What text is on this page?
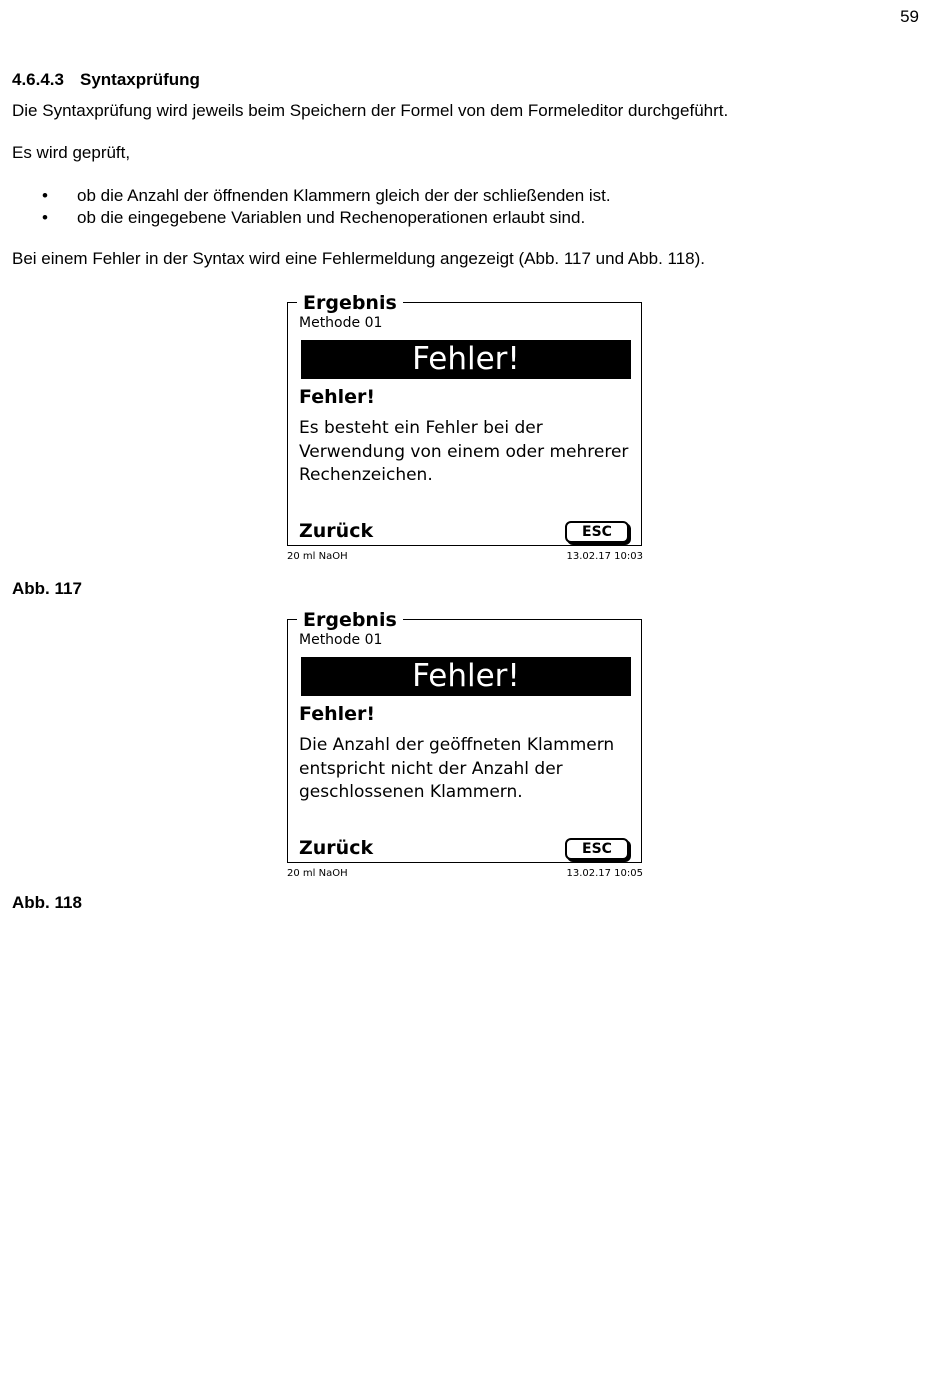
59
4.6.4.3 Syntaxprüfung

Die Syntaxprüfung wird jeweils beim Speichern der Formel von dem Formeleditor durchgeführt.

Es wird geprüft,

• ob die Anzahl der öffnenden Klammern gleich der der schließenden ist.
• ob die eingegebene Variablen und Rechenoperationen erlaubt sind.

Bei einem Fehler in der Syntax wird eine Fehlermeldung angezeigt (Abb. 117 und Abb. 118).

Ergebnis
Methode 01
Fehler!
Fehler!
Es besteht ein Fehler bei der
Verwendung von einem oder mehrerer
Rechenzeichen.
Zurück	ESC
20 ml NaOH	13.02.17 10:03

Abb. 117

Ergebnis
Methode 01
Fehler!
Fehler!
Die Anzahl der geöffneten Klammern
entspricht nicht der Anzahl der
geschlossenen Klammern.
Zurück	ESC
20 ml NaOH	13.02.17 10:05

Abb. 118
